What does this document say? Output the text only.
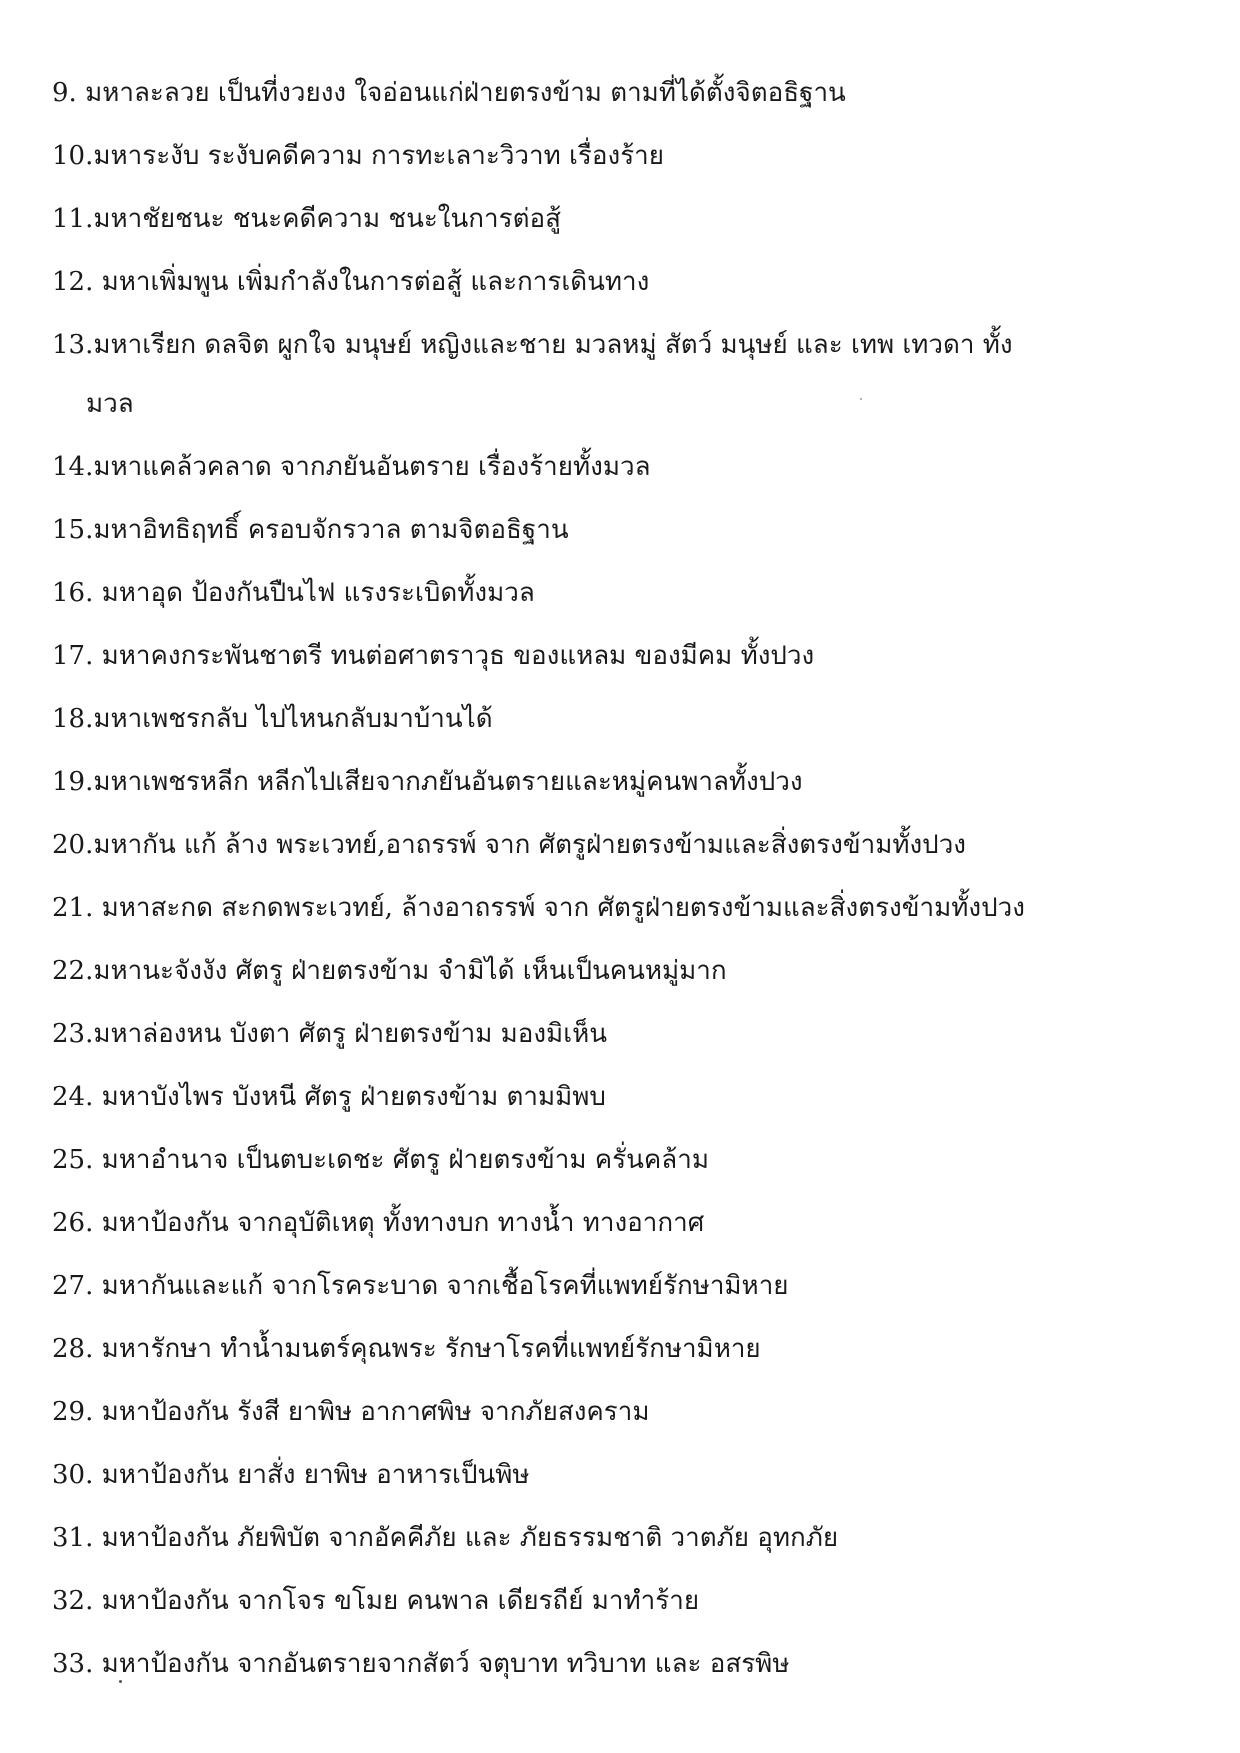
9. มหาละลวย เป็นที่งวยงง ใจอ่อนแก่ฝ่ายตรงข้าม ตามที่ได้ตั้งจิตอธิฐาน
10.มหาระงับ ระงับคดีความ การทะเลาะวิวาท เรื่องร้าย
11.มหาชัยชนะ ชนะคดีความ ชนะในการต่อสู้
12. มหาเพิ่มพูน เพิ่มกำลังในการต่อสู้ และการเดินทาง
13.มหาเรียก ดลจิต ผูกใจ มนุษย์ หญิงและชาย มวลหมู่ สัตว์ มนุษย์ และ เทพ เทวดา ทั้ง
มวล
14.มหาแคล้วคลาด จากภยันอันตราย เรื่องร้ายทั้งมวล
15.มหาอิทธิฤทธิ์ ครอบจักรวาล ตามจิตอธิฐาน
16. มหาอุด ป้องกันปืนไฟ แรงระเบิดทั้งมวล
17. มหาคงกระพันชาตรี ทนต่อศาตราวุธ ของแหลม ของมีคม ทั้งปวง
18.มหาเพชรกลับ ไปไหนกลับมาบ้านได้
19.มหาเพชรหลีก หลีกไปเสียจากภยันอันตรายและหมู่คนพาลทั้งปวง
20.มหากัน แก้ ล้าง พระเวทย์,อาถรรพ์ จาก ศัตรูฝ่ายตรงข้ามและสิ่งตรงข้ามทั้งปวง
21. มหาสะกด สะกดพระเวทย์, ล้างอาถรรพ์ จาก ศัตรูฝ่ายตรงข้ามและสิ่งตรงข้ามทั้งปวง
22.มหานะจังงัง ศัตรู ฝ่ายตรงข้าม จำมิได้ เห็นเป็นคนหมู่มาก
23.มหาล่องหน บังตา ศัตรู ฝ่ายตรงข้าม มองมิเห็น
24. มหาบังไพร บังหนี ศัตรู ฝ่ายตรงข้าม ตามมิพบ
25. มหาอำนาจ เป็นตบะเดชะ ศัตรู ฝ่ายตรงข้าม ครั่นคล้าม
26. มหาป้องกัน จากอุบัติเหตุ ทั้งทางบก ทางน้ำ ทางอากาศ
27. มหากันและแก้ จากโรคระบาด จากเชื้อโรคที่แพทย์รักษามิหาย
28. มหารักษา ทำน้ำมนตร์คุณพระ รักษาโรคที่แพทย์รักษามิหาย
29. มหาป้องกัน รังสี ยาพิษ อากาศพิษ จากภัยสงคราม
30. มหาป้องกัน ยาสั่ง ยาพิษ อาหารเป็นพิษ
31. มหาป้องกัน ภัยพิบัต จากอัคคีภัย และ ภัยธรรมชาติ วาตภัย อุทกภัย
32. มหาป้องกัน จากโจร ขโมย คนพาล เดียรถีย์ มาทำร้าย
33. มหาป้องกัน จากอันตรายจากสัตว์ จตุบาท ทวิบาท และ อสรพิษ
